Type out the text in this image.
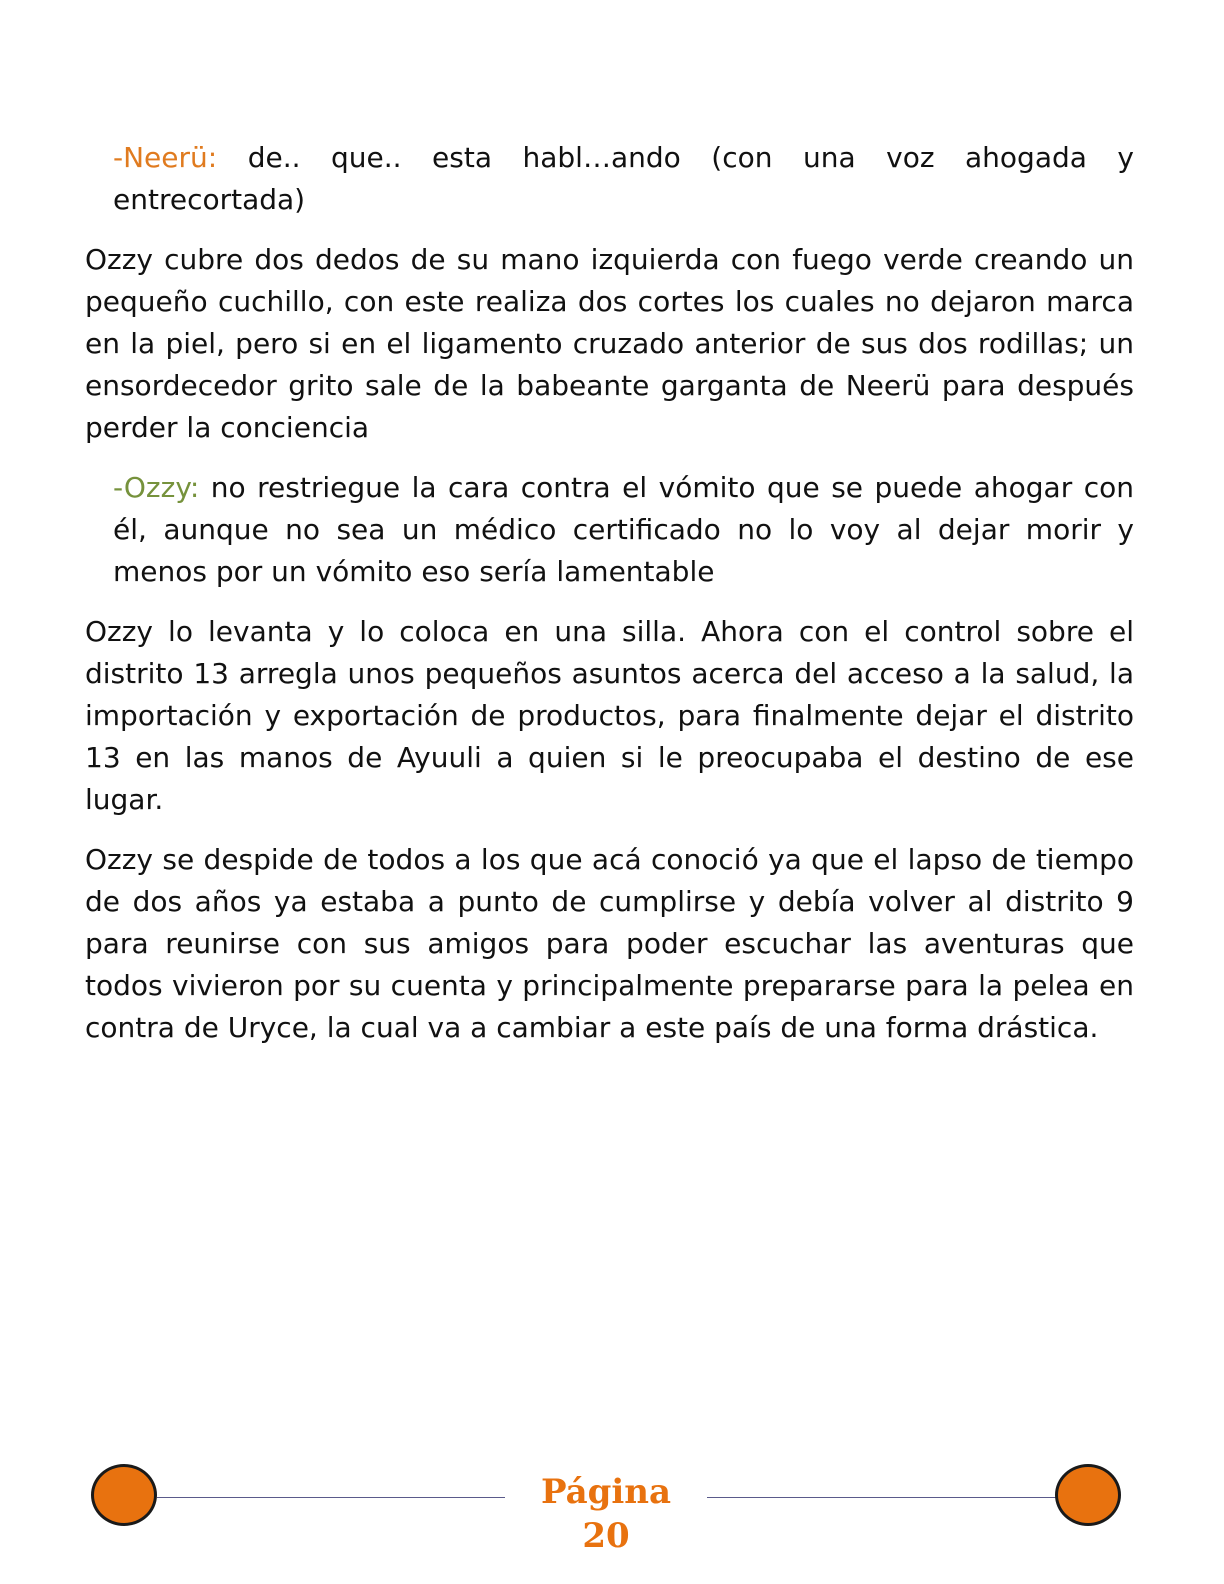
-Neerü: de.. que.. esta habl…ando (con una voz ahogada y entrecortada)

Ozzy cubre dos dedos de su mano izquierda con fuego verde creando un pequeño cuchillo, con este realiza dos cortes los cuales no dejaron marca en la piel, pero si en el ligamento cruzado anterior de sus dos rodillas; un ensordecedor grito sale de la babeante garganta de Neerü para después perder la conciencia

-Ozzy: no restriegue la cara contra el vómito que se puede ahogar con él, aunque no sea un médico certificado no lo voy al dejar morir y menos por un vómito eso sería lamentable

Ozzy lo levanta y lo coloca en una silla. Ahora con el control sobre el distrito 13 arregla unos pequeños asuntos acerca del acceso a la salud, la importación y exportación de productos, para finalmente dejar el distrito 13 en las manos de Ayuuli a quien si le preocupaba el destino de ese lugar.

Ozzy se despide de todos a los que acá conoció ya que el lapso de tiempo de dos años ya estaba a punto de cumplirse y debía volver al distrito 9 para reunirse con sus amigos para poder escuchar las aventuras que todos vivieron por su cuenta y principalmente prepararse para la pelea en contra de Uryce, la cual va a cambiar a este país de una forma drástica.

Página
20
